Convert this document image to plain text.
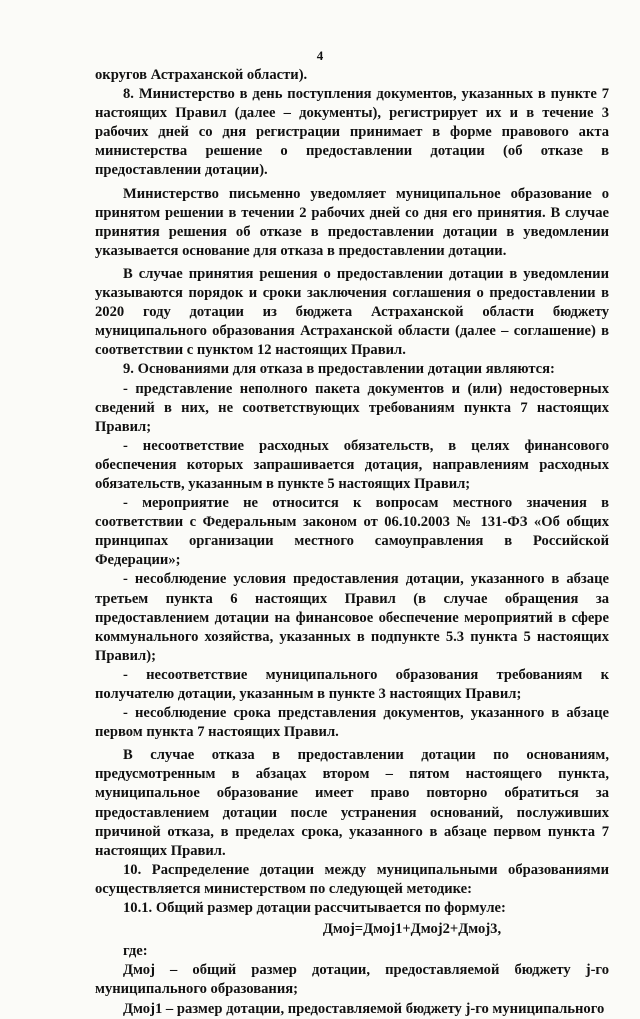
4

округов Астраханской области).

8. Министерство в день поступления документов, указанных в пункте 7 настоящих Правил (далее – документы), регистрирует их и в течение 3 рабочих дней со дня регистрации принимает в форме правового акта министерства решение о предоставлении дотации (об отказе в предоставлении дотации).

Министерство письменно уведомляет муниципальное образование о принятом решении в течении 2 рабочих дней со дня его принятия. В случае принятия решения об отказе в предоставлении дотации в уведомлении указывается основание для отказа в предоставлении дотации.

В случае принятия решения о предоставлении дотации в уведомлении указываются порядок и сроки заключения соглашения о предоставлении в 2020 году дотации из бюджета Астраханской области бюджету муниципального образования Астраханской области (далее – соглашение) в соответствии с пунктом 12 настоящих Правил.

9. Основаниями для отказа в предоставлении дотации являются:

- представление неполного пакета документов и (или) недостоверных сведений в них, не соответствующих требованиям пункта 7 настоящих Правил;

- несоответствие расходных обязательств, в целях финансового обеспечения которых запрашивается дотация, направлениям расходных обязательств, указанным в пункте 5 настоящих Правил;

- мероприятие не относится к вопросам местного значения в соответствии с Федеральным законом от 06.10.2003 № 131-ФЗ «Об общих принципах организации местного самоуправления в Российской Федерации»;

- несоблюдение условия предоставления дотации, указанного в абзаце третьем пункта 6 настоящих Правил (в случае обращения за предоставлением дотации на финансовое обеспечение мероприятий в сфере коммунального хозяйства, указанных в подпункте 5.3 пункта 5 настоящих Правил);

- несоответствие муниципального образования требованиям к получателю дотации, указанным в пункте 3 настоящих Правил;

- несоблюдение срока представления документов, указанного в абзаце первом пункта 7 настоящих Правил.

В случае отказа в предоставлении дотации по основаниям, предусмотренным в абзацах втором – пятом настоящего пункта, муниципальное образование имеет право повторно обратиться за предоставлением дотации после устранения оснований, послуживших причиной отказа, в пределах срока, указанного в абзаце первом пункта 7 настоящих Правил.

10. Распределение дотации между муниципальными образованиями осуществляется министерством по следующей методике:

10.1. Общий размер дотации рассчитывается по формуле:

Дмоj=Дмоj1+Дмоj2+Дмоj3,

где:

Дмоj – общий размер дотации, предоставляемой бюджету j-го муниципального образования;

Дмоj1 – размер дотации, предоставляемой бюджету j-го муниципального
